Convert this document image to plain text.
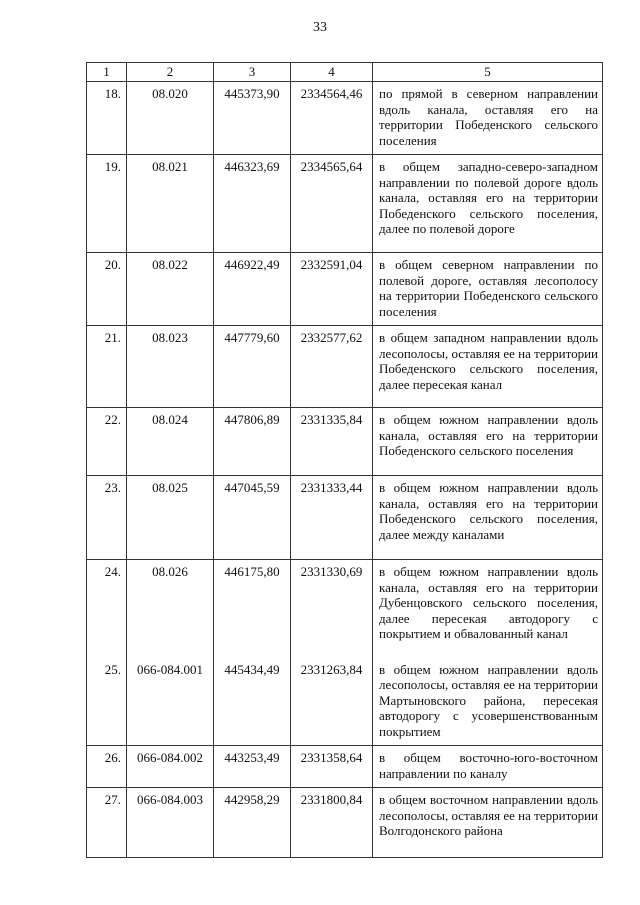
33
1	2	3	4	5
18.	08.020	445373,90	2334564,46	по прямой в северном направлении вдоль канала, оставляя его на территории Победенского сельского поселения
19.	08.021	446323,69	2334565,64	в общем западно-северо-западном направлении по полевой дороге вдоль канала, оставляя его на территории Победенского сельского поселения, далее по полевой дороге
20.	08.022	446922,49	2332591,04	в общем северном направлении по полевой дороге, оставляя лесополосу на территории Победенского сельского поселения
21.	08.023	447779,60	2332577,62	в общем западном направлении вдоль лесополосы, оставляя ее на территории Победенского сельского поселения, далее пересекая канал
22.	08.024	447806,89	2331335,84	в общем южном направлении вдоль канала, оставляя его на территории Победенского сельского поселения
23.	08.025	447045,59	2331333,44	в общем южном направлении вдоль канала, оставляя его на территории Победенского сельского поселения, далее между каналами
24.	08.026	446175,80	2331330,69	в общем южном направлении вдоль канала, оставляя его на территории Дубенцовского сельского поселения, далее пересекая автодорогу с покрытием и обвалованный канал
25.	066-084.001	445434,49	2331263,84	в общем южном направлении вдоль лесополосы, оставляя ее на территории Мартыновского района, пересекая автодорогу с усовершенствованным покрытием
26.	066-084.002	443253,49	2331358,64	в общем восточно-юго-восточном направлении по каналу
27.	066-084.003	442958,29	2331800,84	в общем восточном направлении вдоль лесополосы, оставляя ее на территории Волгодонского района
